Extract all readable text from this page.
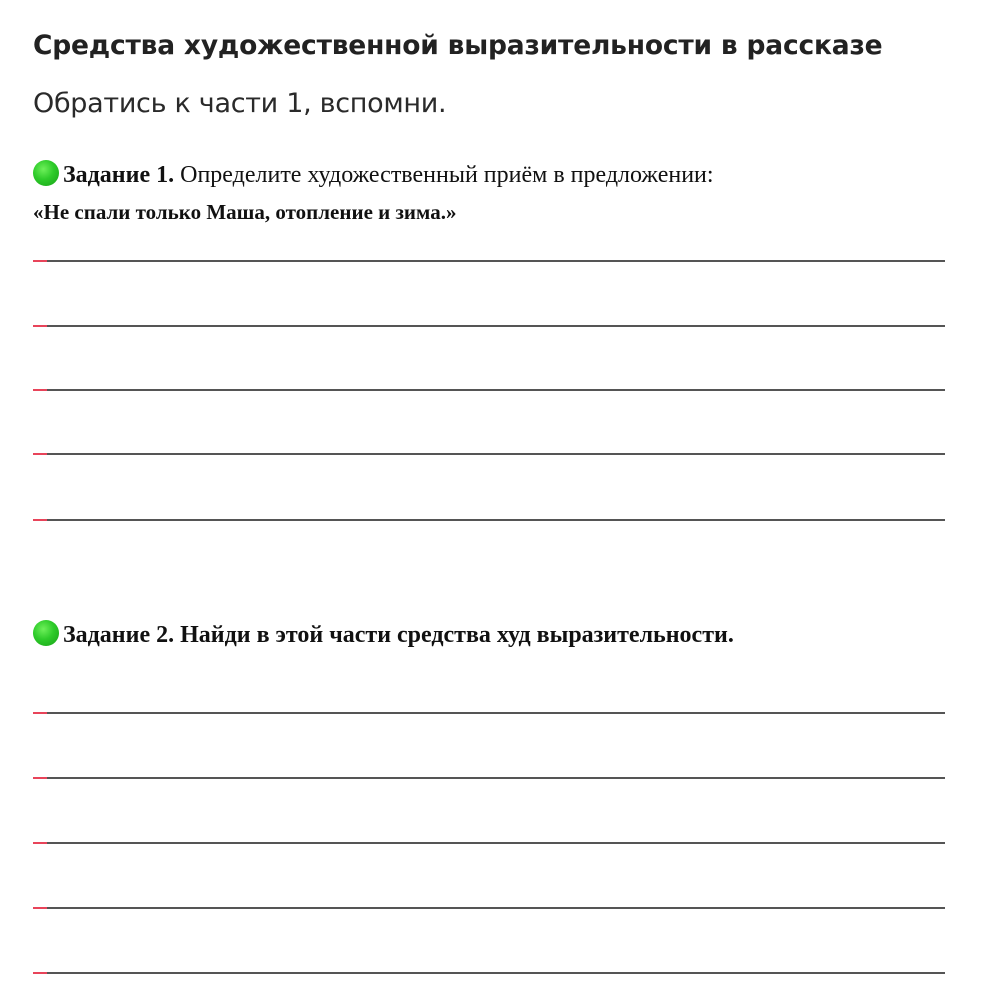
Средства художественной выразительности в рассказе
Обратись к части 1, вспомни.
Задание 1. Определите художественный приём в предложении:
«Не спали только Маша, отопление и зима.»
Задание 2. Найди в этой части средства худ выразительности.
